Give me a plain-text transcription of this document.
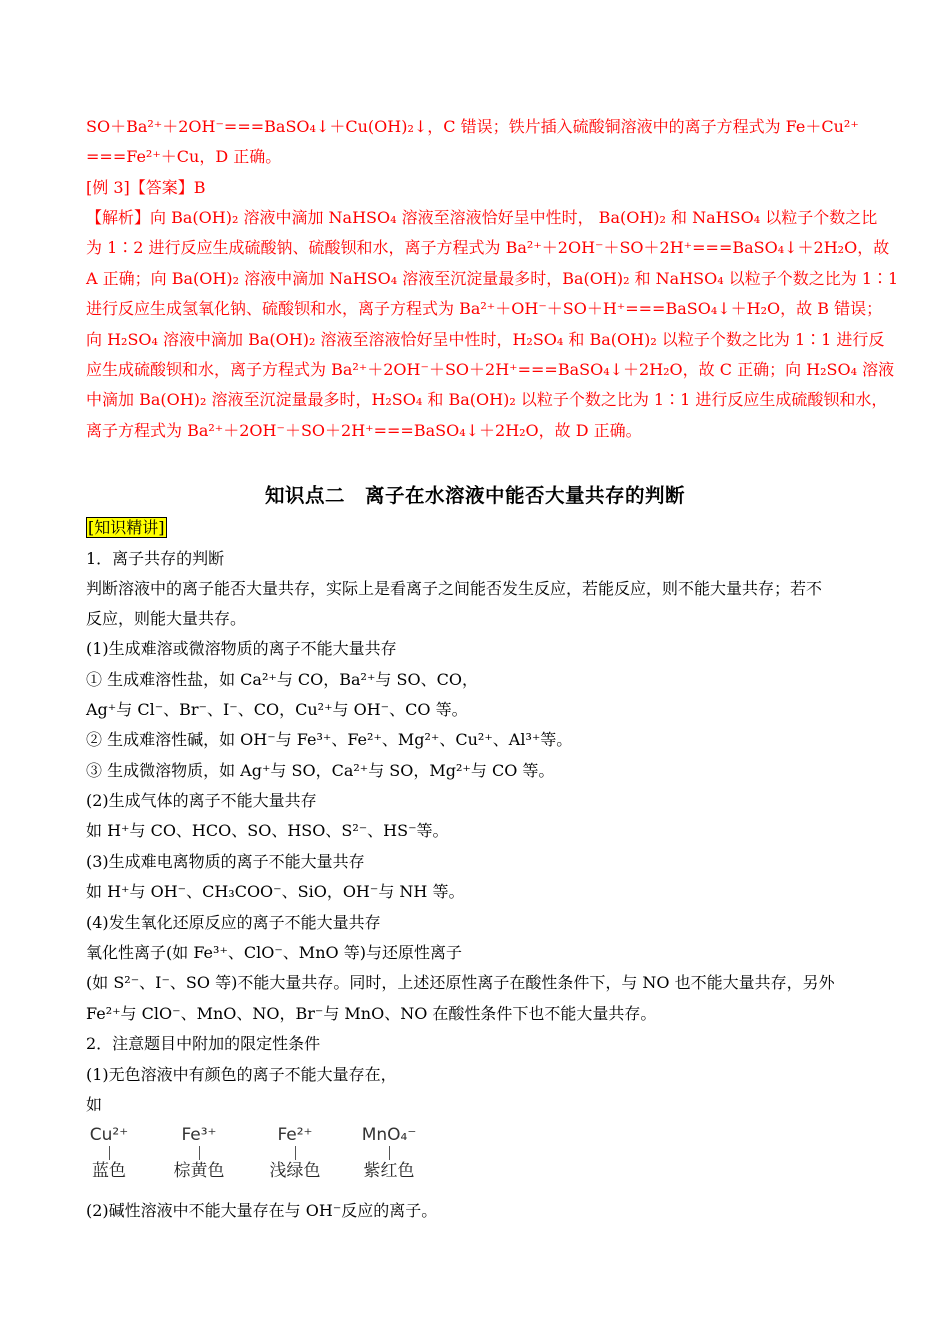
知识点二　离子在水溶液中能否大量共存的判断
[知识精讲]
Cu²⁺
蓝色
Fe³⁺
棕黄色
Fe²⁺
浅绿色
MnO₄⁻
紫红色
SO＋Ba²⁺＋2OH⁻===BaSO₄↓＋Cu(OH)₂↓，C 错误；铁片插入硫酸铜溶液中的离子方程式为 Fe＋Cu²⁺
===Fe²⁺＋Cu，D 正确。
[例 3]【答案】B
【解析】向 Ba(OH)₂ 溶液中滴加 NaHSO₄ 溶液至溶液恰好呈中性时， Ba(OH)₂ 和 NaHSO₄ 以粒子个数之比
为 1∶2 进行反应生成硫酸钠、硫酸钡和水，离子方程式为 Ba²⁺＋2OH⁻＋SO＋2H⁺===BaSO₄↓＋2H₂O，故
A 正确；向 Ba(OH)₂ 溶液中滴加 NaHSO₄ 溶液至沉淀量最多时，Ba(OH)₂ 和 NaHSO₄ 以粒子个数之比为 1∶1
进行反应生成氢氧化钠、硫酸钡和水，离子方程式为 Ba²⁺＋OH⁻＋SO＋H⁺===BaSO₄↓＋H₂O，故 B 错误；
向 H₂SO₄ 溶液中滴加 Ba(OH)₂ 溶液至溶液恰好呈中性时，H₂SO₄ 和 Ba(OH)₂ 以粒子个数之比为 1∶1 进行反
应生成硫酸钡和水，离子方程式为 Ba²⁺＋2OH⁻＋SO＋2H⁺===BaSO₄↓＋2H₂O，故 C 正确；向 H₂SO₄ 溶液
中滴加 Ba(OH)₂ 溶液至沉淀量最多时，H₂SO₄ 和 Ba(OH)₂ 以粒子个数之比为 1∶1 进行反应生成硫酸钡和水，
离子方程式为 Ba²⁺＋2OH⁻＋SO＋2H⁺===BaSO₄↓＋2H₂O，故 D 正确。
1．离子共存的判断
判断溶液中的离子能否大量共存，实际上是看离子之间能否发生反应，若能反应，则不能大量共存；若不
反应，则能大量共存。
(1)生成难溶或微溶物质的离子不能大量共存
① 生成难溶性盐，如 Ca²⁺与 CO，Ba²⁺与 SO、CO，
Ag⁺与 Cl⁻、Br⁻、I⁻、CO，Cu²⁺与 OH⁻、CO 等。
② 生成难溶性碱，如 OH⁻与 Fe³⁺、Fe²⁺、Mg²⁺、Cu²⁺、Al³⁺等。
③ 生成微溶物质，如 Ag⁺与 SO，Ca²⁺与 SO，Mg²⁺与 CO 等。
(2)生成气体的离子不能大量共存
如 H⁺与 CO、HCO、SO、HSO、S²⁻、HS⁻等。
(3)生成难电离物质的离子不能大量共存
如 H⁺与 OH⁻、CH₃COO⁻、SiO，OH⁻与 NH 等。
(4)发生氧化还原反应的离子不能大量共存
氧化性离子(如 Fe³⁺、ClO⁻、MnO 等)与还原性离子
(如 S²⁻、I⁻、SO 等)不能大量共存。同时，上述还原性离子在酸性条件下，与 NO 也不能大量共存，另外
Fe²⁺与 ClO⁻、MnO、NO，Br⁻与 MnO、NO 在酸性条件下也不能大量共存。
2．注意题目中附加的限定性条件
(1)无色溶液中有颜色的离子不能大量存在，
如
(2)碱性溶液中不能大量存在与 OH⁻反应的离子。
